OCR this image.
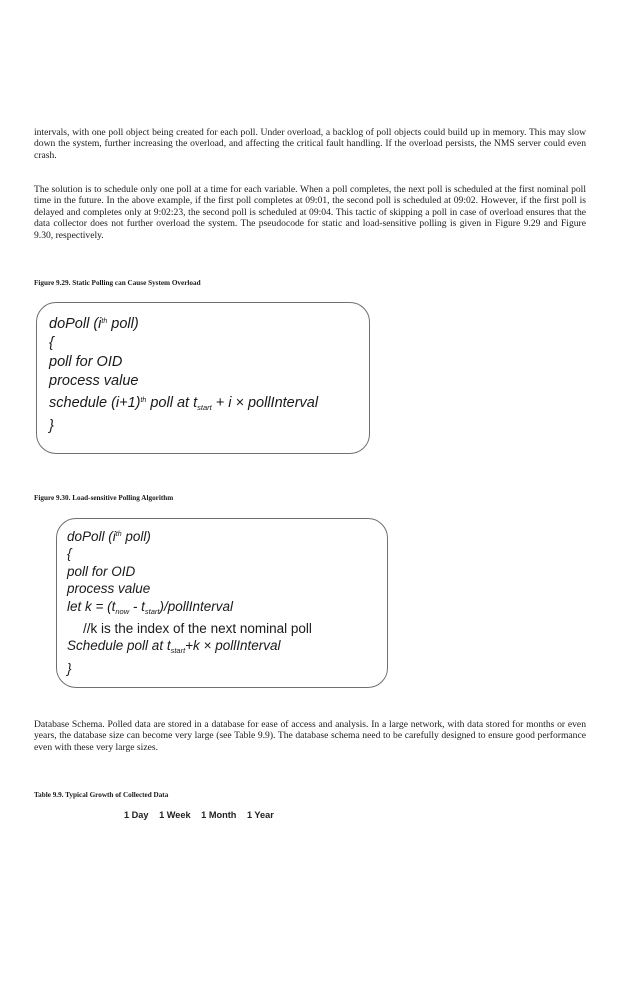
intervals, with one poll object being created for each poll. Under overload, a backlog of poll objects could build up in memory. This may slow down the system, further increasing the overload, and affecting the critical fault handling. If the overload persists, the NMS server could even crash.
The solution is to schedule only one poll at a time for each variable. When a poll completes, the next poll is scheduled at the first nominal poll time in the future. In the above example, if the first poll completes at 09:01, the second poll is scheduled at 09:02. However, if the first poll is delayed and completes only at 9:02:23, the second poll is scheduled at 09:04. This tactic of skipping a poll in case of overload ensures that the data collector does not further overload the system. The pseudocode for static and load-sensitive polling is given in Figure 9.29 and Figure 9.30, respectively.
Figure 9.29. Static Polling can Cause System Overload
doPoll ($i^{th}$ poll)
{
poll for OID
process value
schedule $(i+1)^{th}$ poll at $t_{start} + i$ × pollInterval
}
Figure 9.30. Load-sensitive Polling Algorithm
doPoll ($i^{th}$ poll)
{
poll for OID
process value
let $k = (t_{now}$ - $t_{start}$)/pollInterval
//k is the index of the next nominal poll
Schedule poll at $t_{start}+k$ × pollInterval
}
Database Schema. Polled data are stored in a database for ease of access and analysis. In a large network, with data stored for months or even years, the database size can become very large (see Table 9.9). The database schema need to be carefully designed to ensure good performance even with these very large sizes.
Table 9.9. Typical Growth of Collected Data
1 Day 1 Week 1 Month 1 Year
